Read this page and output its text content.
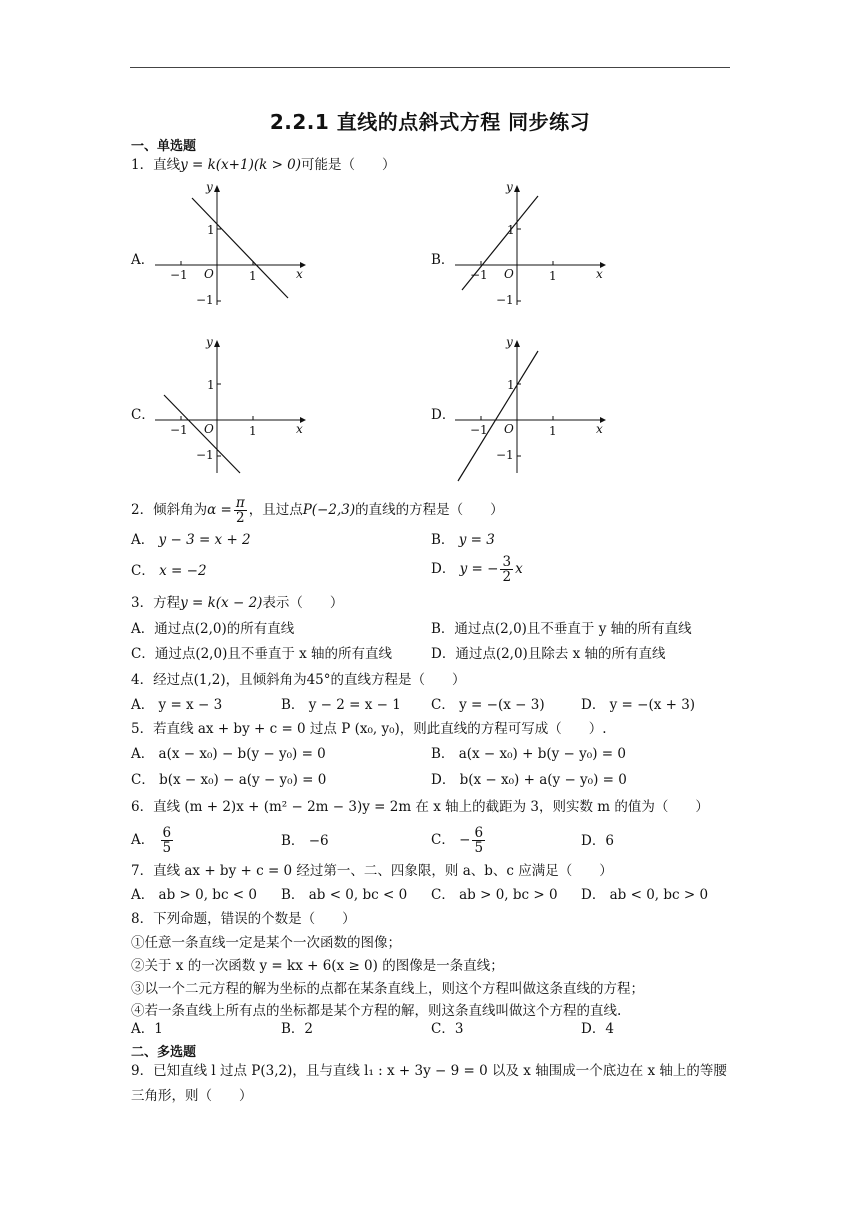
2.2.1 直线的点斜式方程 同步练习
一、单选题
1．直线y = k(x+1)(k > 0)可能是（　　）
A．	B．
C．	D．
x
y
O	1
−1
1
−1
x
y
O	1
−1
1
−1
x
y
O	1
−1
1
−1
x
y
O	1
−1
1
−1
2．倾斜角为$\alpha = \frac{\pi}{2}$ ，且过点P(−2,3)的直线的方程是（　　）
A． y − 3 = x + 2	B． y = 3
C． x = −2	D． y = − $\frac{3}{2}$ x
3．方程y = k(x − 2)表示（　　）
A．通过点(2,0)的所有直线	B．通过点(2,0)且不垂直于 y 轴的所有直线
C．通过点(2,0)且不垂直于 x 轴的所有直线	D．通过点(2,0)且除去 x 轴的所有直线
4．经过点(1,2)，且倾斜角为45°的直线方程是（　　）
A． y = x − 3	B． y − 2 = x − 1 C． y = −(x − 3)	D． y = −(x + 3)
5．若直线 ax + by + c = 0 过点 P (x₀, y₀)，则此直线的方程可写成（　　）.
A． a(x − x₀) − b(y − y₀) = 0	B． a(x − x₀) + b(y − y₀) = 0
C． b(x − x₀) − a(y − y₀) = 0	D． b(x − x₀) + a(y − y₀) = 0
6．直线 (m + 2)x + (m² − 2m − 3)y = 2m 在 x 轴上的截距为 3，则实数 m 的值为（　　）
A． $\frac{6}{5}$	B． −6	C． − $\frac{6}{5}$	D．6
7．直线 ax + by + c = 0 经过第一、二、四象限，则 a、b、c 应满足（　　）
A． ab > 0, bc < 0 B． ab < 0, bc < 0 C． ab > 0, bc > 0 D． ab < 0, bc > 0
8．下列命题，错误的个数是（　　）
①任意一条直线一定是某个一次函数的图像；
②关于 x 的一次函数 y = kx + 6(x ≥ 0) 的图像是一条直线；
③以一个二元方程的解为坐标的点都在某条直线上，则这个方程叫做这条直线的方程；
④若一条直线上所有点的坐标都是某个方程的解，则这条直线叫做这个方程的直线.
A．1	B．2	C．3	D．4
二、多选题
9．已知直线 l 过点 P(3,2)，且与直线 l₁ : x + 3y − 9 = 0 以及 x 轴围成一个底边在 x 轴上的等腰
三角形，则（　　）
